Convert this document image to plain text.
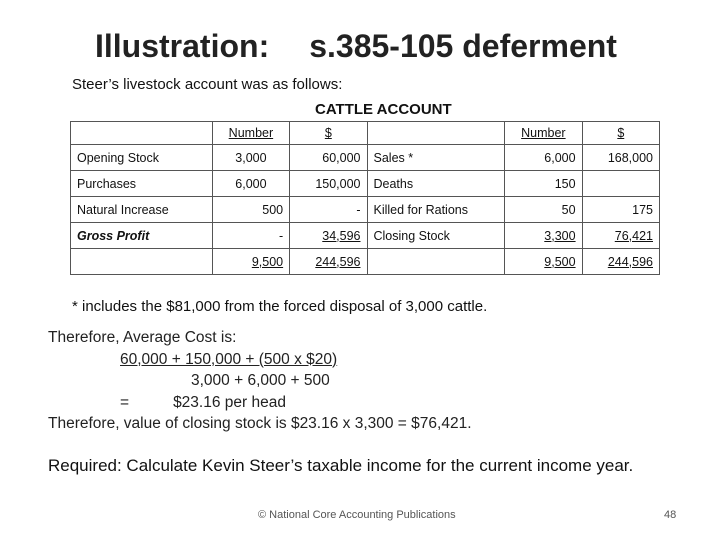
Illustration: s.385-105 deferment
Steer’s livestock account was as follows:
CATTLE ACCOUNT
	Number	$		Number	$
Opening Stock	3,000	60,000	Sales *	6,000	168,000
Purchases	6,000	150,000	Deaths	150	
Natural Increase	500	-	Killed for Rations	50	175
Gross Profit	-	34,596	Closing Stock	3,300	76,421
	9,500	244,596		9,500	244,596
* includes the $81,000 from the forced disposal of 3,000 cattle.
Therefore, Average Cost is:
60,000 + 150,000 + (500 x $20)
3,000 + 6,000 + 500
=	$23.16 per head
Therefore, value of closing stock is $23.16 x 3,300 = $76,421.
Required: Calculate Kevin Steer’s taxable income for the current income year.
© National Core Accounting Publications	48
